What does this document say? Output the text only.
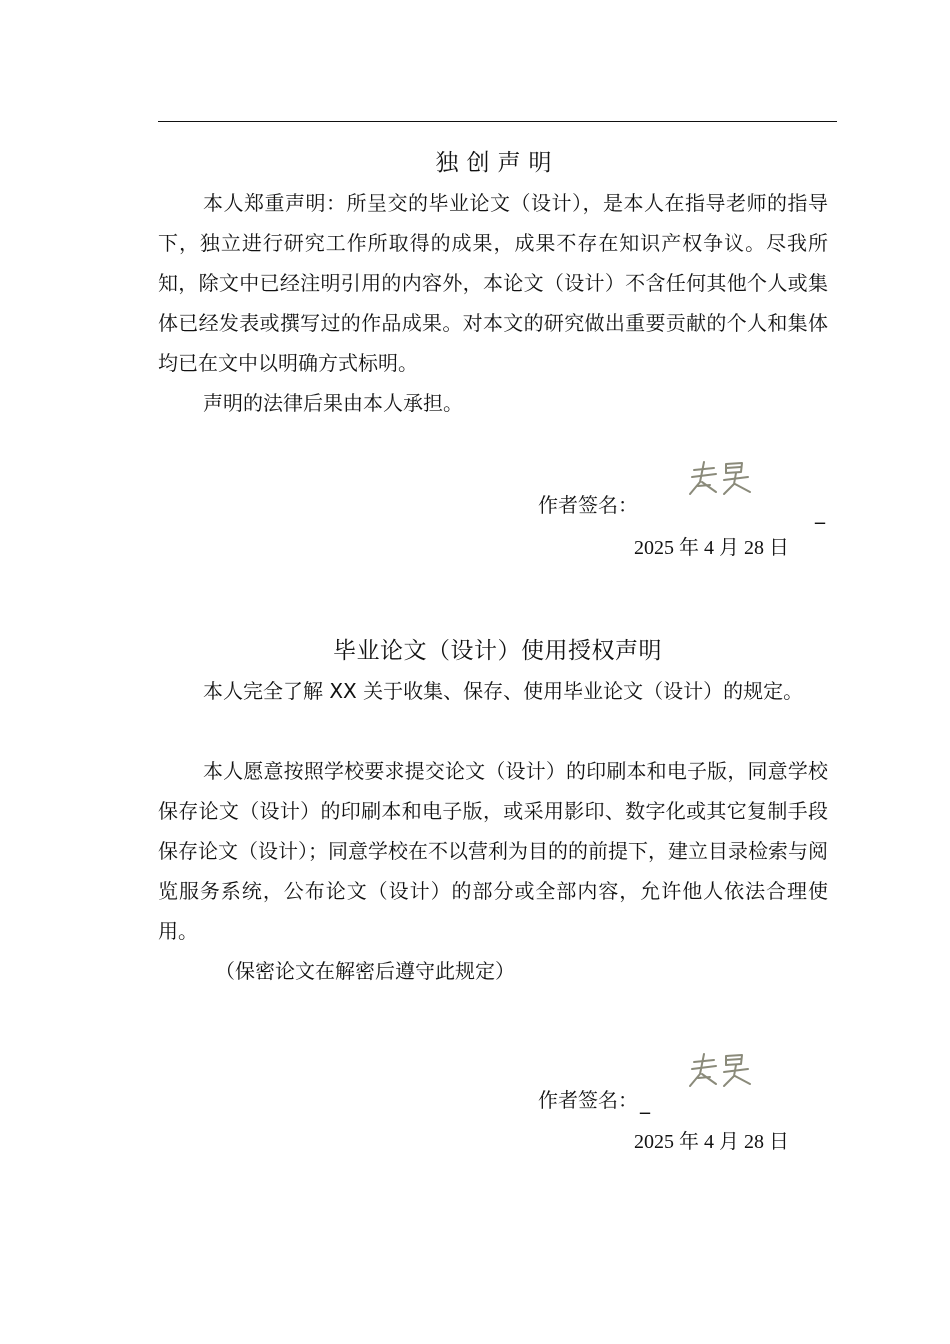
独创声明

本人郑重声明：所呈交的毕业论文（设计），是本人在指导老师的指导下，独立进行研究工作所取得的成果，成果不存在知识产权争议。尽我所知，除文中已经注明引用的内容外，本论文（设计）不含任何其他个人或集体已经发表或撰写过的作品成果。对本文的研究做出重要贡献的个人和集体均已在文中以明确方式标明。

声明的法律后果由本人承担。

作者签名：	_
2025 年 4 月 28 日
毕业论文（设计）使用授权声明

本人完全了解 XX 关于收集、保存、使用毕业论文（设计）的规定。

本人愿意按照学校要求提交论文（设计）的印刷本和电子版，同意学校保存论文（设计）的印刷本和电子版，或采用影印、数字化或其它复制手段保存论文（设计）；同意学校在不以营利为目的的前提下，建立目录检索与阅览服务系统，公布论文（设计）的部分或全部内容，允许他人依法合理使用。

（保密论文在解密后遵守此规定）

作者签名： _
2025 年 4 月 28 日
